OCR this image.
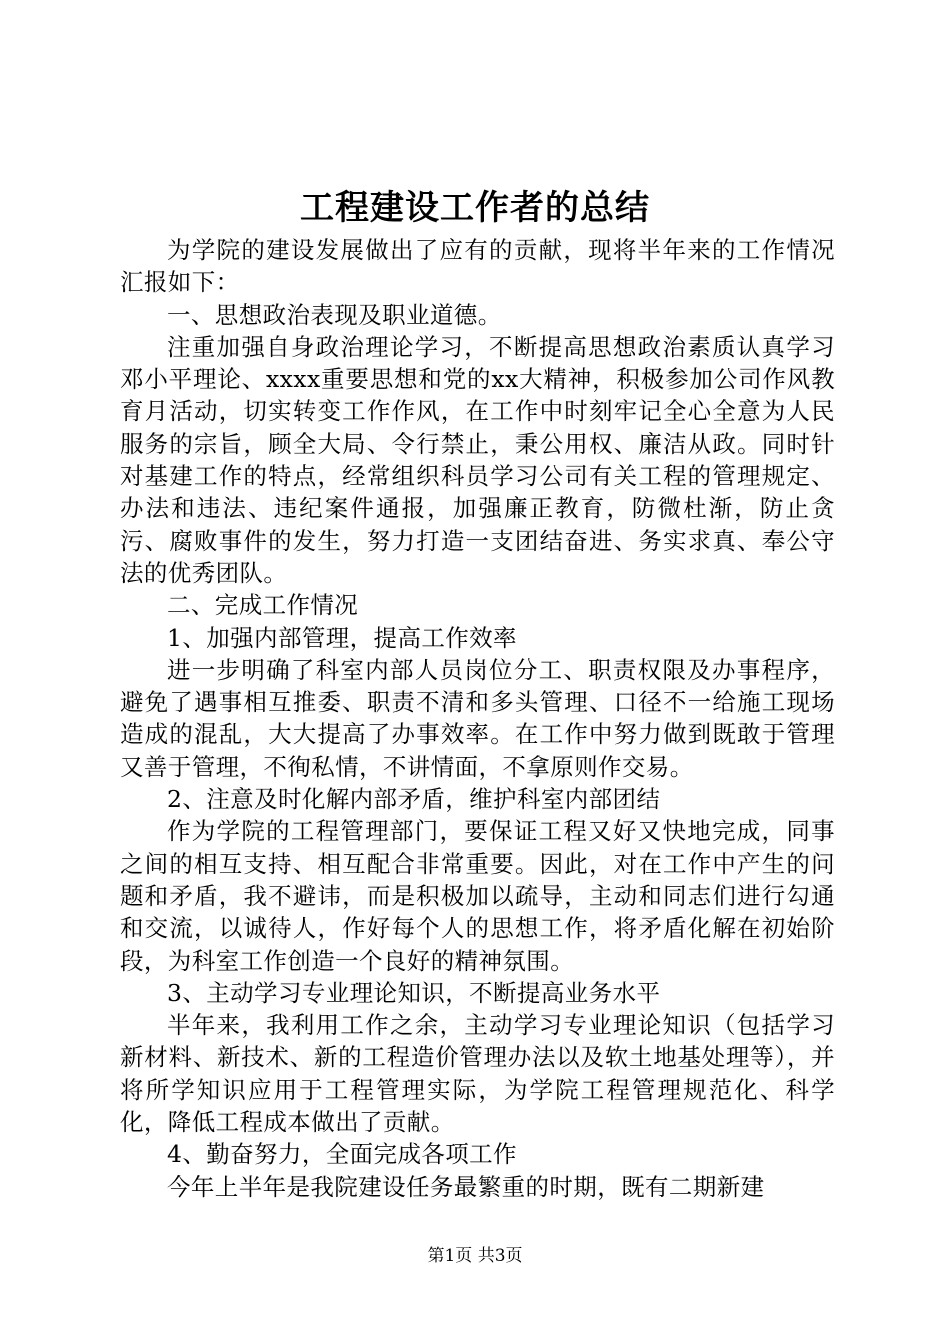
工程建设工作者的总结

为学院的建设发展做出了应有的贡献，现将半年来的工作情况汇报如下：

一、思想政治表现及职业道德。

注重加强自身政治理论学习，不断提高思想政治素质认真学习邓小平理论、xxxx重要思想和党的xx大精神，积极参加公司作风教育月活动，切实转变工作作风，在工作中时刻牢记全心全意为人民服务的宗旨，顾全大局、令行禁止，秉公用权、廉洁从政。同时针对基建工作的特点，经常组织科员学习公司有关工程的管理规定、办法和违法、违纪案件通报，加强廉正教育，防微杜渐，防止贪污、腐败事件的发生，努力打造一支团结奋进、务实求真、奉公守法的优秀团队。

二、完成工作情况

1、加强内部管理，提高工作效率

进一步明确了科室内部人员岗位分工、职责权限及办事程序，避免了遇事相互推委、职责不清和多头管理、口径不一给施工现场造成的混乱，大大提高了办事效率。在工作中努力做到既敢于管理又善于管理，不徇私情，不讲情面，不拿原则作交易。

2、注意及时化解内部矛盾，维护科室内部团结

作为学院的工程管理部门，要保证工程又好又快地完成，同事之间的相互支持、相互配合非常重要。因此，对在工作中产生的问题和矛盾，我不避讳，而是积极加以疏导，主动和同志们进行勾通和交流，以诚待人，作好每个人的思想工作，将矛盾化解在初始阶段，为科室工作创造一个良好的精神氛围。

3、主动学习专业理论知识，不断提高业务水平

半年来，我利用工作之余，主动学习专业理论知识（包括学习新材料、新技术、新的工程造价管理办法以及软土地基处理等），并将所学知识应用于工程管理实际，为学院工程管理规范化、科学化，降低工程成本做出了贡献。

4、勤奋努力，全面完成各项工作

今年上半年是我院建设任务最繁重的时期，既有二期新建

第1页 共3页
